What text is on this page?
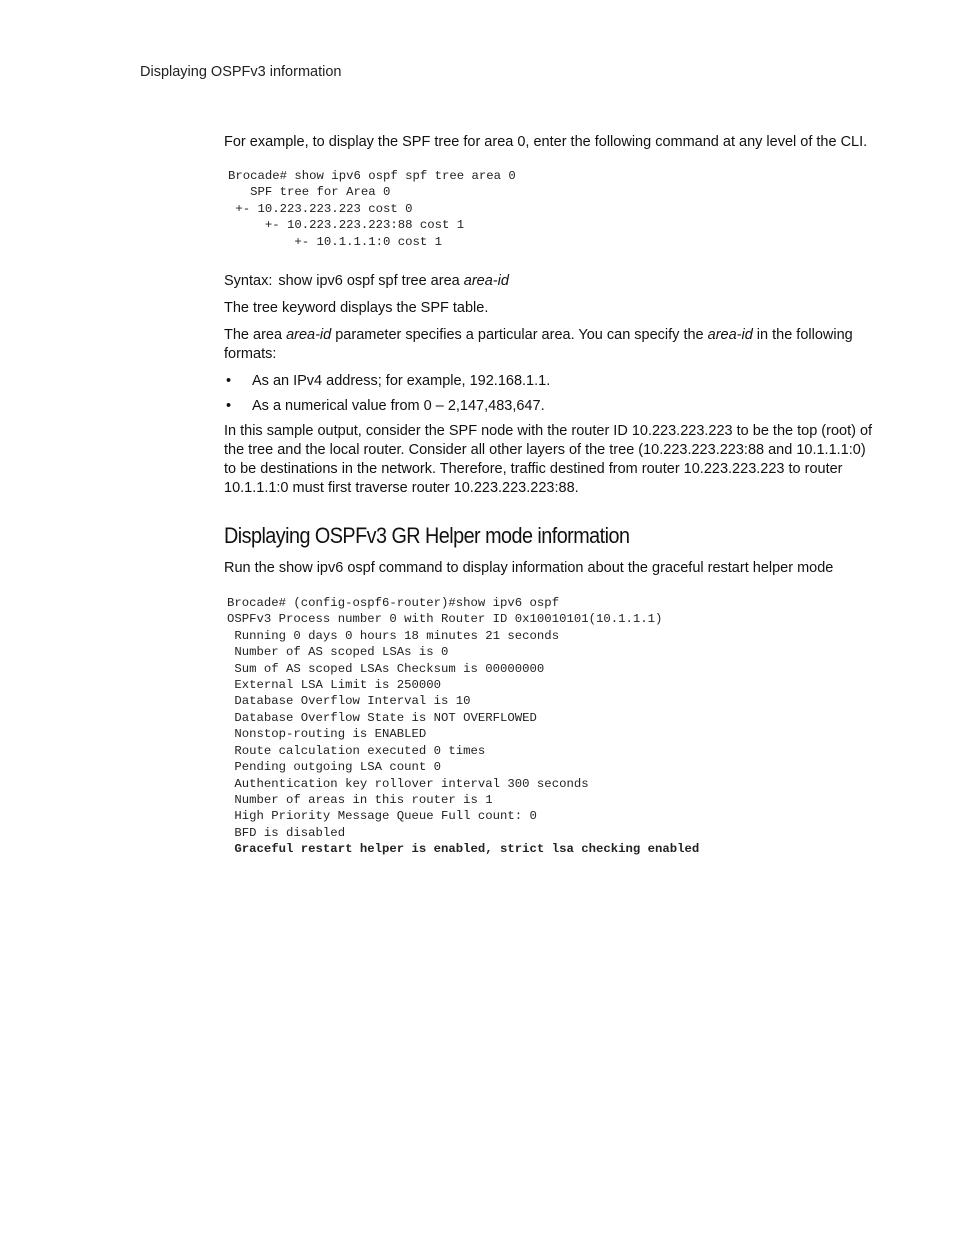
Displaying OSPFv3 information

For example, to display the SPF tree for area 0, enter the following command at any level of the CLI.

Brocade# show ipv6 ospf spf tree area 0
SPF tree for Area 0
+- 10.223.223.223 cost 0
+- 10.223.223.223:88 cost 1
+- 10.1.1.1:0 cost 1

Syntax: show ipv6 ospf spf tree area area-id

The tree keyword displays the SPF table.

The area area-id parameter specifies a particular area. You can specify the area-id in the following formats:

• As an IPv4 address; for example, 192.168.1.1.
• As a numerical value from 0 – 2,147,483,647.

In this sample output, consider the SPF node with the router ID 10.223.223.223 to be the top (root) of the tree and the local router. Consider all other layers of the tree (10.223.223.223:88 and 10.1.1.1:0) to be destinations in the network. Therefore, traffic destined from router 10.223.223.223 to router 10.1.1.1:0 must first traverse router 10.223.223.223:88.

Displaying OSPFv3 GR Helper mode information

Run the show ipv6 ospf command to display information about the graceful restart helper mode

Brocade# (config-ospf6-router)#show ipv6 ospf
OSPFv3 Process number 0 with Router ID 0x10010101(10.1.1.1)
Running 0 days 0 hours 18 minutes 21 seconds
Number of AS scoped LSAs is 0
Sum of AS scoped LSAs Checksum is 00000000
External LSA Limit is 250000
Database Overflow Interval is 10
Database Overflow State is NOT OVERFLOWED
Nonstop-routing is ENABLED
Route calculation executed 0 times
Pending outgoing LSA count 0
Authentication key rollover interval 300 seconds
Number of areas in this router is 1
High Priority Message Queue Full count: 0
BFD is disabled
Graceful restart helper is enabled, strict lsa checking enabled
